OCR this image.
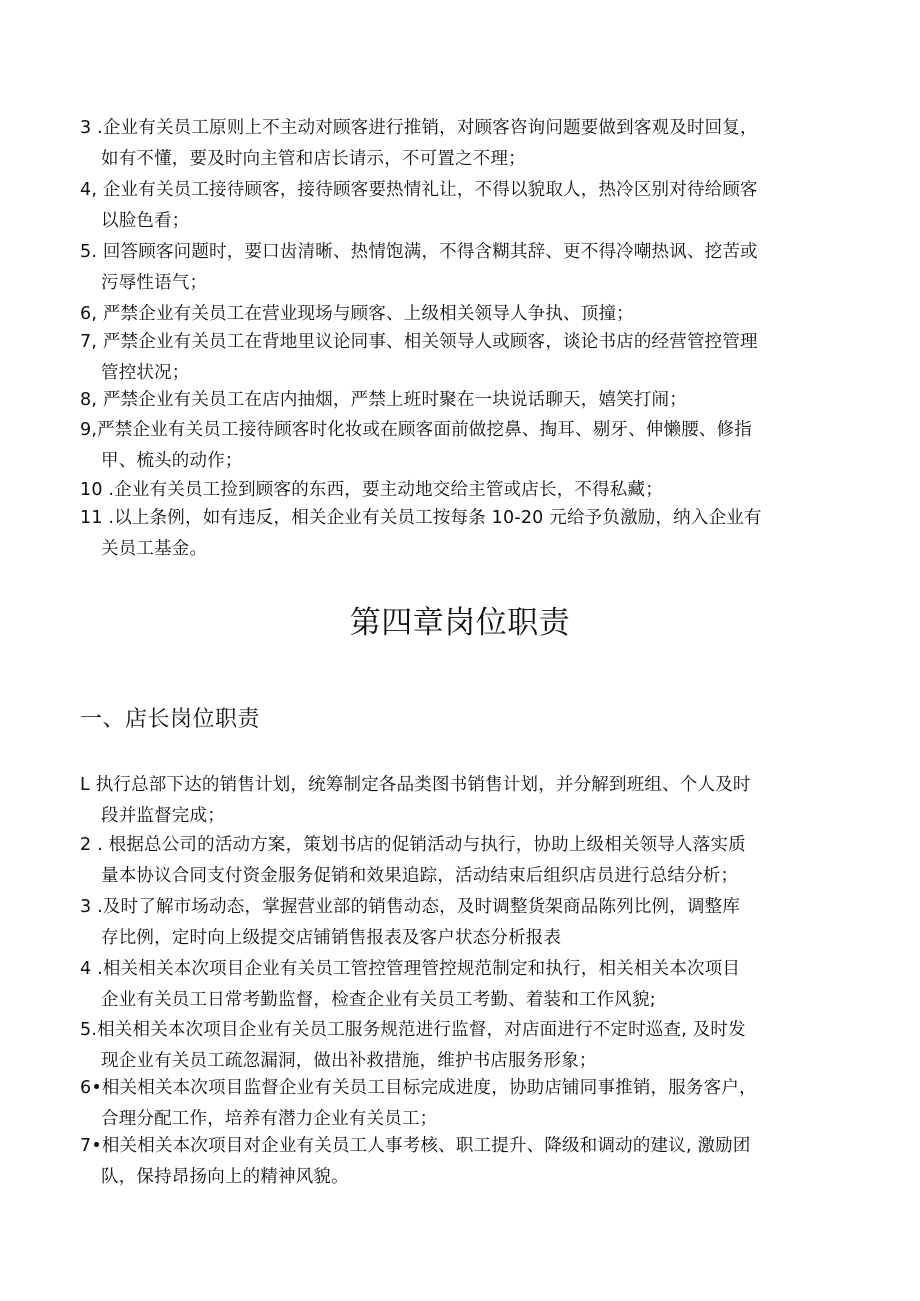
3 .企业有关员工原则上不主动对顾客进行推销，对顾客咨询问题要做到客观及时回复，
如有不懂，要及时向主管和店长请示，不可置之不理；
4, 企业有关员工接待顾客，接待顾客要热情礼让，不得以貌取人，热冷区别对待给顾客
以脸色看；
5. 回答顾客问题时，要口齿清晰、热情饱满，不得含糊其辞、更不得冷嘲热讽、挖苦或
污辱性语气；
6, 严禁企业有关员工在营业现场与顾客、上级相关领导人争执、顶撞；
7, 严禁企业有关员工在背地里议论同事、相关领导人或顾客，谈论书店的经营管控管理
管控状况；
8, 严禁企业有关员工在店内抽烟，严禁上班时聚在一块说话聊天，嬉笑打闹；
9,严禁企业有关员工接待顾客时化妆或在顾客面前做挖鼻、掏耳、剔牙、伸懒腰、修指
甲、梳头的动作；
10 .企业有关员工捡到顾客的东西，要主动地交给主管或店长，不得私藏；
11 .以上条例，如有违反，相关企业有关员工按每条 10-20 元给予负激励，纳入企业有
关员工基金。
第四章岗位职责
一、店长岗位职责
L 执行总部下达的销售计划，统筹制定各品类图书销售计划，并分解到班组、个人及时
段并监督完成；
2 . 根据总公司的活动方案，策划书店的促销活动与执行，协助上级相关领导人落实质
量本协议合同支付资金服务促销和效果追踪，活动结束后组织店员进行总结分析；
3 .及时了解市场动态，掌握营业部的销售动态，及时调整货架商品陈列比例，调整库
存比例，定时向上级提交店铺销售报表及客户状态分析报表
4 .相关相关本次项目企业有关员工管控管理管控规范制定和执行，相关相关本次项目
企业有关员工日常考勤监督，检查企业有关员工考勤、着装和工作风貌;
5.相关相关本次项目企业有关员工服务规范进行监督，对店面进行不定时巡查, 及时发
现企业有关员工疏忽漏洞，做出补救措施，维护书店服务形象；
6•相关相关本次项目监督企业有关员工目标完成进度，协助店铺同事推销，服务客户，
合理分配工作，培养有潜力企业有关员工；
7•相关相关本次项目对企业有关员工人事考核、职工提升、降级和调动的建议, 激励团
队，保持昂扬向上的精神风貌。
